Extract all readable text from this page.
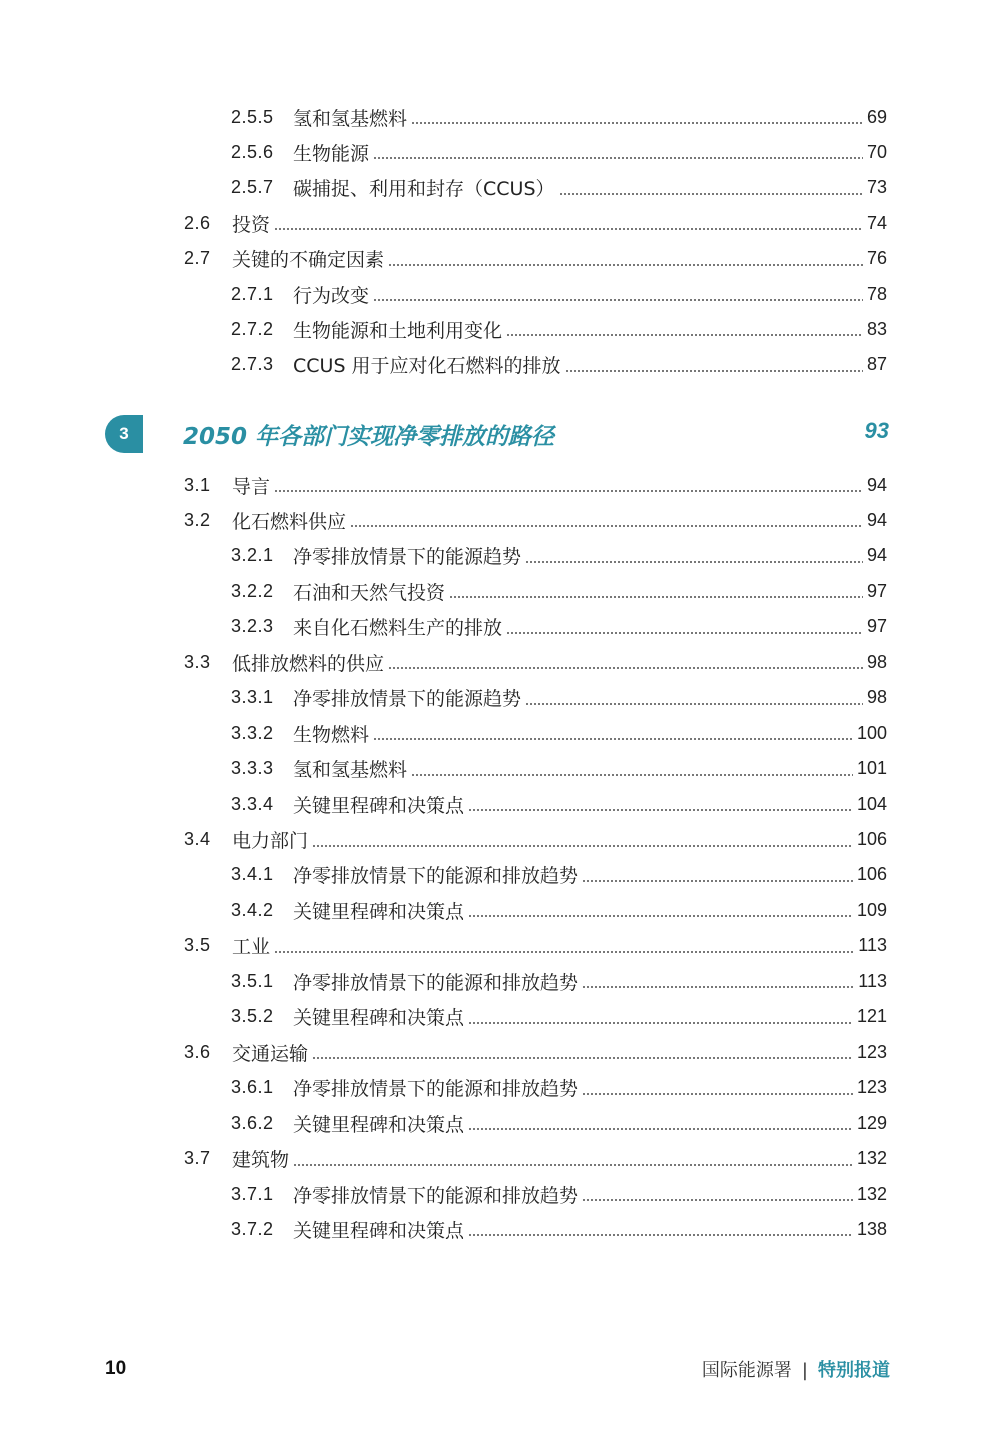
2.5.5 氢和氢基燃料	69
2.5.6 生物能源	70
2.5.7 碳捕捉、利用和封存（CCUS）	73
2.6 投资	74
2.7 关键的不确定因素	76
2.7.1 行为改变	78
2.7.2 生物能源和土地利用变化	83
2.7.3 CCUS 用于应对化石燃料的排放	87
3	2050 年各部门实现净零排放的路径	93
3.1 导言	94
3.2 化石燃料供应	94
3.2.1 净零排放情景下的能源趋势	94
3.2.2 石油和天然气投资	97
3.2.3 来自化石燃料生产的排放	97
3.3 低排放燃料的供应	98
3.3.1 净零排放情景下的能源趋势	98
3.3.2 生物燃料	100
3.3.3 氢和氢基燃料	101
3.3.4 关键里程碑和决策点	104
3.4 电力部门	106
3.4.1 净零排放情景下的能源和排放趋势	106
3.4.2 关键里程碑和决策点	109
3.5 工业	113
3.5.1 净零排放情景下的能源和排放趋势	113
3.5.2 关键里程碑和决策点	121
3.6 交通运输	123
3.6.1 净零排放情景下的能源和排放趋势	123
3.6.2 关键里程碑和决策点	129
3.7 建筑物	132
3.7.1 净零排放情景下的能源和排放趋势	132
3.7.2 关键里程碑和决策点	138
10	国际能源署 | 特别报道
